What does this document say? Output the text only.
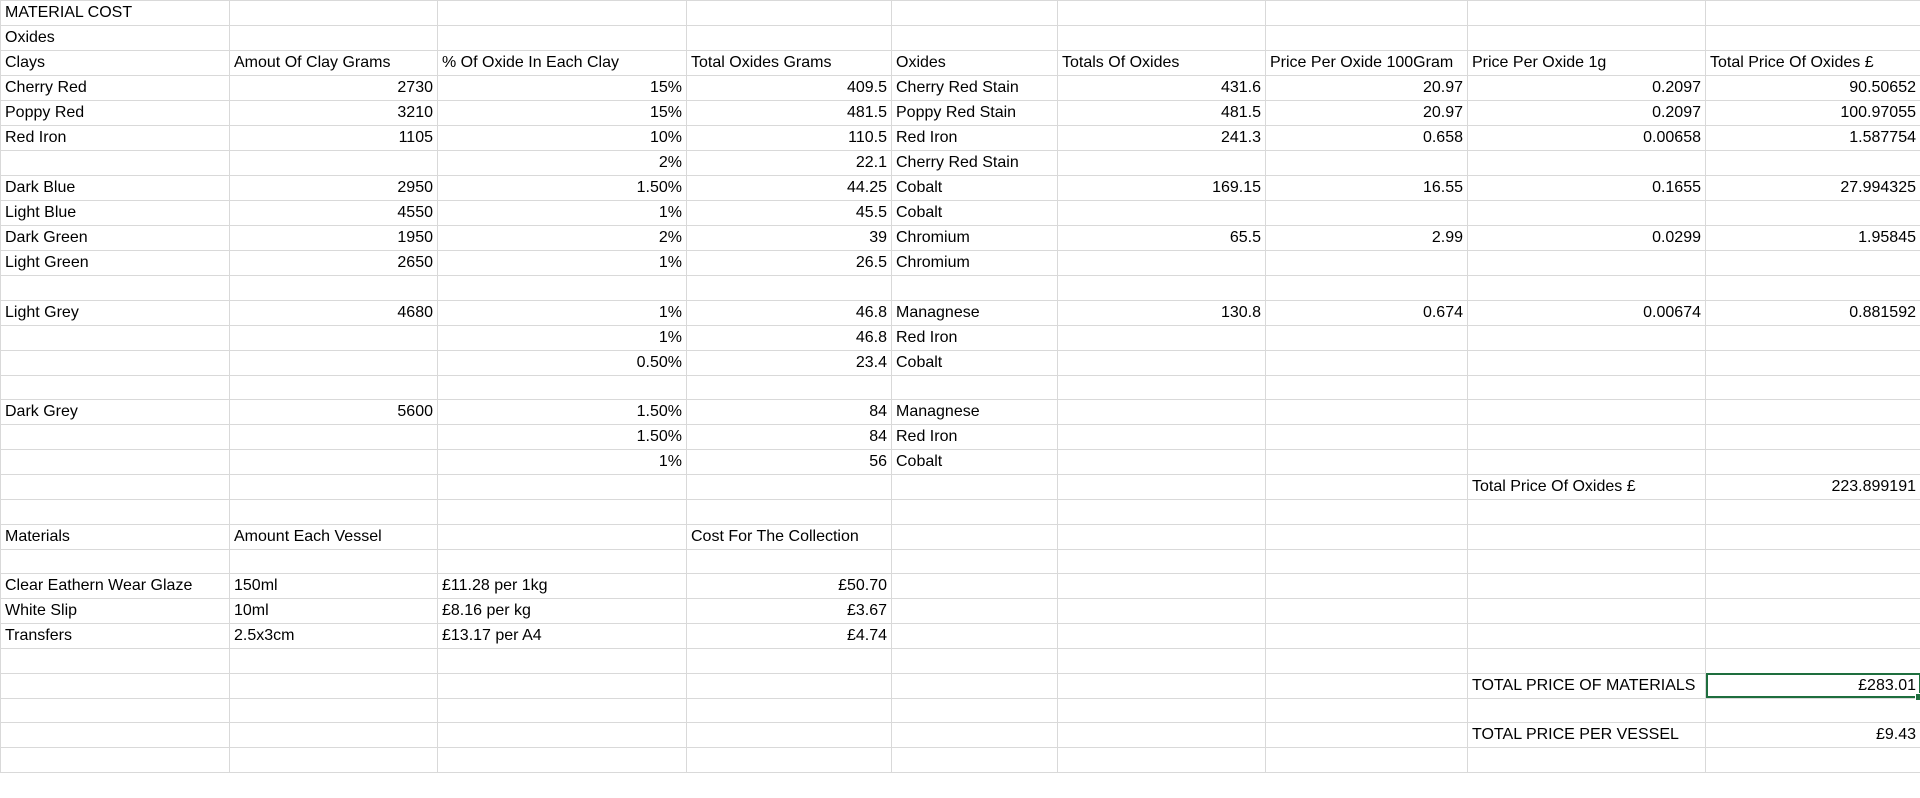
MATERIAL COST								
Oxides								
Clays	Amout Of Clay Grams	% Of Oxide In Each Clay	Total Oxides Grams	Oxides	Totals Of Oxides	Price Per Oxide 100Gram	Price Per Oxide 1g	Total Price Of Oxides £
Cherry Red	2730	15%	409.5	Cherry Red Stain	431.6	20.97	0.2097	90.50652
Poppy Red	3210	15%	481.5	Poppy Red Stain	481.5	20.97	0.2097	100.97055
Red Iron	1105	10%	110.5	Red Iron	241.3	0.658	0.00658	1.587754
		2%	22.1	Cherry Red Stain				
Dark Blue	2950	1.50%	44.25	Cobalt	169.15	16.55	0.1655	27.994325
Light Blue	4550	1%	45.5	Cobalt				
Dark Green	1950	2%	39	Chromium	65.5	2.99	0.0299	1.95845
Light Green	2650	1%	26.5	Chromium				

Light Grey	4680	1%	46.8	Managnese	130.8	0.674	0.00674	0.881592
		1%	46.8	Red Iron				
		0.50%	23.4	Cobalt				

Dark Grey	5600	1.50%	84	Managnese				
		1.50%	84	Red Iron				
		1%	56	Cobalt				
							Total Price Of Oxides £	223.899191

Materials	Amount Each Vessel		Cost For The Collection					

Clear Eathern Wear Glaze	150ml	£11.28 per 1kg	£50.70					
White Slip	10ml	£8.16 per kg	£3.67					
Transfers	2.5x3cm	£13.17 per A4	£4.74					

							TOTAL PRICE OF MATERIALS	£283.01

							TOTAL PRICE PER VESSEL	£9.43
